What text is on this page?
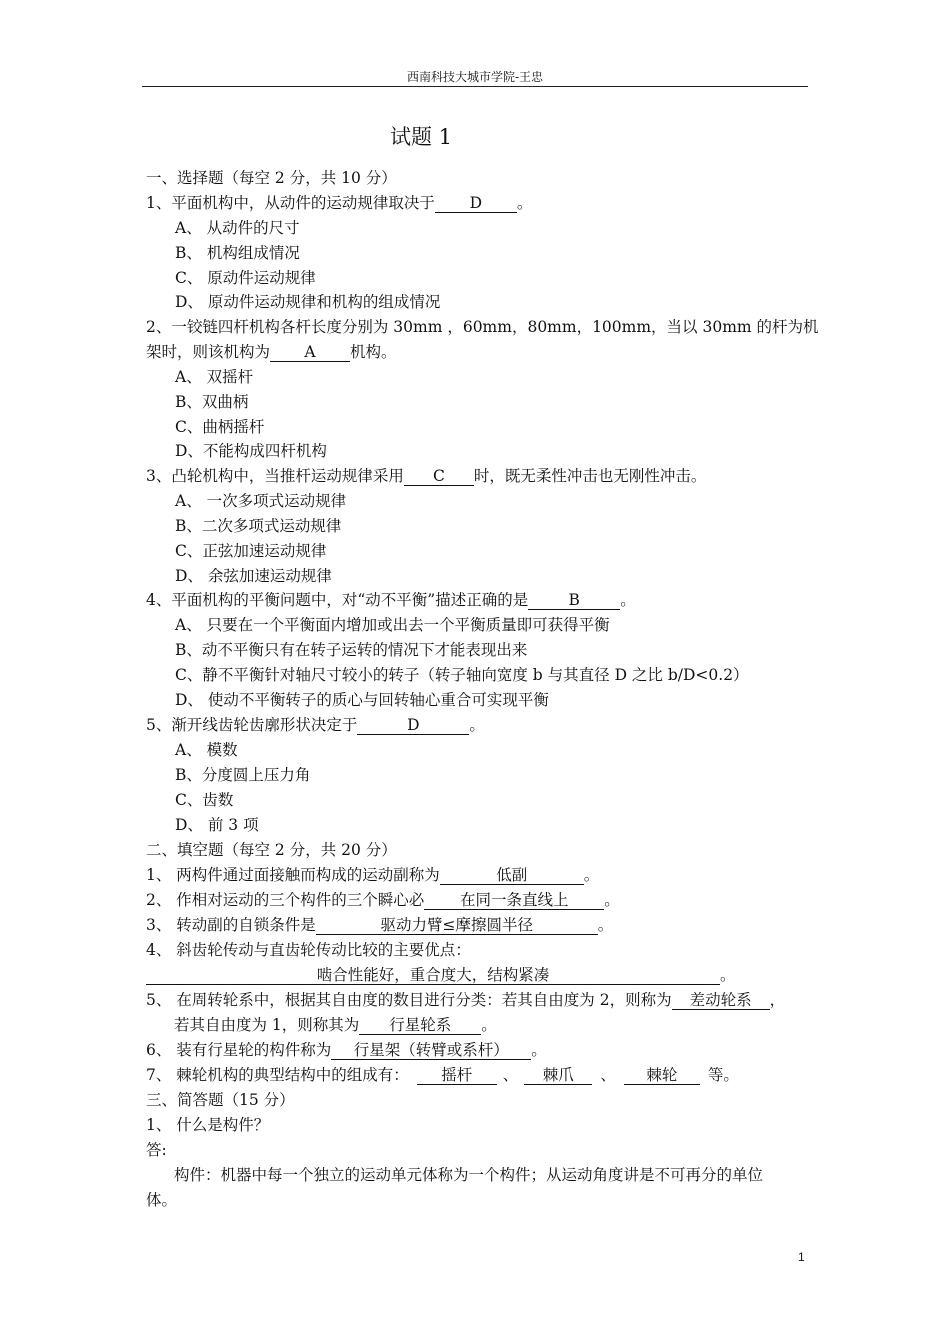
西南科技大城市学院-王忠
试题 1
一、选择题（每空 2 分，共 10 分）
1、平面机构中，从动件的运动规律取决于 D 。
A、 从动件的尺寸
B、 机构组成情况
C、 原动件运动规律
D、 原动件运动规律和机构的组成情况
2、一铰链四杆机构各杆长度分别为 30mm ，60mm，80mm，100mm，当以 30mm 的杆为机
架时，则该机构为 A 机构。
A、 双摇杆
B、双曲柄
C、曲柄摇杆
D、不能构成四杆机构
3、凸轮机构中，当推杆运动规律采用 C 时，既无柔性冲击也无刚性冲击。
A、 一次多项式运动规律
B、二次多项式运动规律
C、正弦加速运动规律
D、 余弦加速运动规律
4、平面机构的平衡问题中，对“动不平衡”描述正确的是	B	。
A、 只要在一个平衡面内增加或出去一个平衡质量即可获得平衡
B、动不平衡只有在转子运转的情况下才能表现出来
C、静不平衡针对轴尺寸较小的转子（转子轴向宽度 b 与其直径 D 之比 b/D<0.2）
D、 使动不平衡转子的质心与回转轴心重合可实现平衡
5、渐开线齿轮齿廓形状决定于	D	。
A、 模数
B、分度圆上压力角
C、齿数
D、 前 3 项
二、填空题（每空 2 分，共 20 分）
1、 两构件通过面接触而构成的运动副称为	低副	。
2、 作相对运动的三个构件的三个瞬心必 在同一条直线上 。
3、 转动副的自锁条件是	驱动力臂≤摩擦圆半径	。
4、 斜齿轮传动与直齿轮传动比较的主要优点：
啮合性能好，重合度大，结构紧凑	。
5、 在周转轮系中，根据其自由度的数目进行分类：若其自由度为 2，则称为 差动轮系 ，
若其自由度为 1，则称其为 行星轮系 。
6、 装有行星轮的构件称为 行星架（转臂或系杆） 。
7、 棘轮机构的典型结构中的组成有： 摇杆 、 棘爪 、 棘轮 等。
三、简答题（15 分）
1、 什么是构件？
答:
构件：机器中每一个独立的运动单元体称为一个构件；从运动角度讲是不可再分的单位
体。
1
